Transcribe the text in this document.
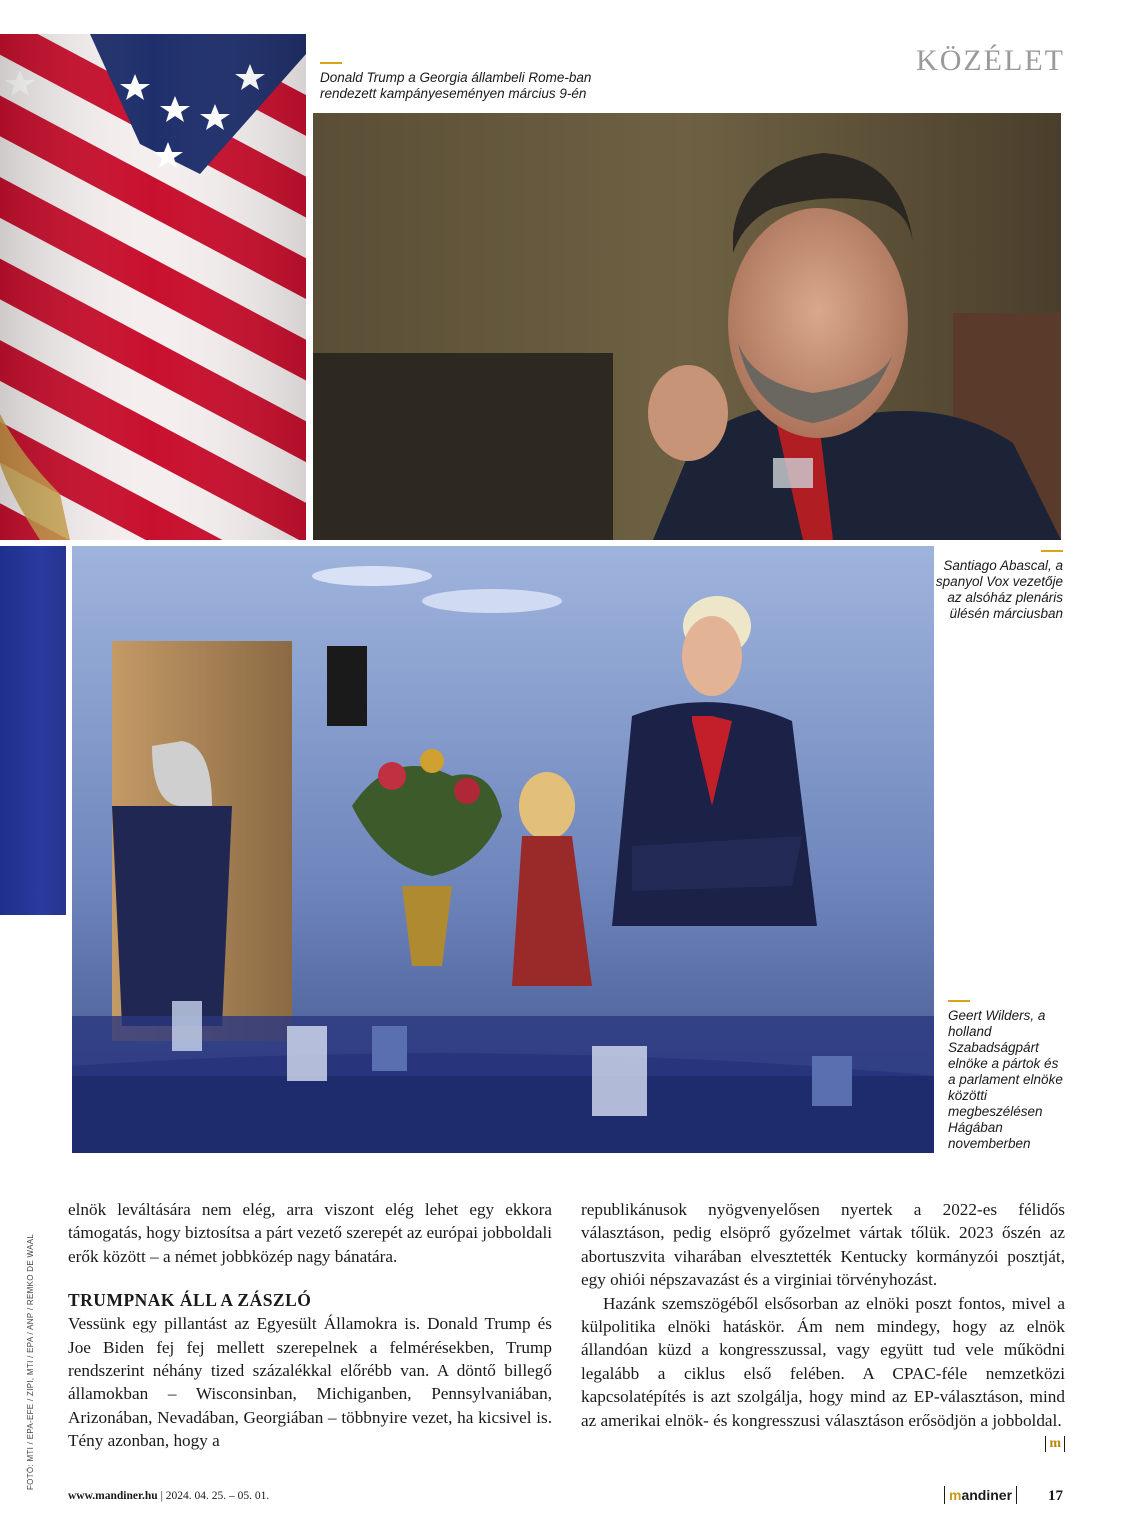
KÖZÉLET
Donald Trump a Georgia állambeli Rome-ban rendezett kampányeseményen március 9-én
Santiago Abascal, a spanyol Vox vezetője az alsóház plenáris ülésén márciusban
Geert Wilders, a holland Szabadságpárt elnöke a pártok és a parlament elnöke közötti megbeszélésen Hágában novemberben
FOTÓ: MTI / EPA-EFE / ZIPI, MTI / EPA / ANP / REMKO DE WAAL

elnök leváltására nem elég, arra viszont elég lehet egy ekkora támogatás, hogy biztosítsa a párt vezető szerepét az európai jobboldali erők között – a német jobbközép nagy bánatára.

TRUMPNAK ÁLL A ZÁSZLÓ

Vessünk egy pillantást az Egyesült Államokra is. Donald Trump és Joe Biden fej fej mellett szerepelnek a felmérésekben, Trump rendszerint néhány tized százalékkal előrébb van. A döntő billegő államokban – Wisconsinban, Michiganben, Pennsylvaniában, Arizonában, Nevadában, Georgiában – többnyire vezet, ha kicsivel is. Tény azonban, hogy a

republikánusok nyögvenyelősen nyertek a 2022-es félidős választáson, pedig elsöprő győzelmet vártak tőlük. 2023 őszén az abortuszvita viharában elvesztették Kentucky kormányzói posztját, egy ohiói népszavazást és a virginiai törvényhozást.

Hazánk szemszögéből elsősorban az elnöki poszt fontos, mivel a külpolitika elnöki hatáskör. Ám nem mindegy, hogy az elnök állandóan küzd a kongresszussal, vagy együtt tud vele működni legalább a ciklus első felében. A CPAC-féle nemzetközi kapcsolatépítés is azt szolgálja, hogy mind az EP-választáson, mind az amerikai elnök- és kongresszusi választáson erősödjön a jobboldal.

m
www.mandiner.hu | 2024. 04. 25. – 05. 01.	mandiner	17
